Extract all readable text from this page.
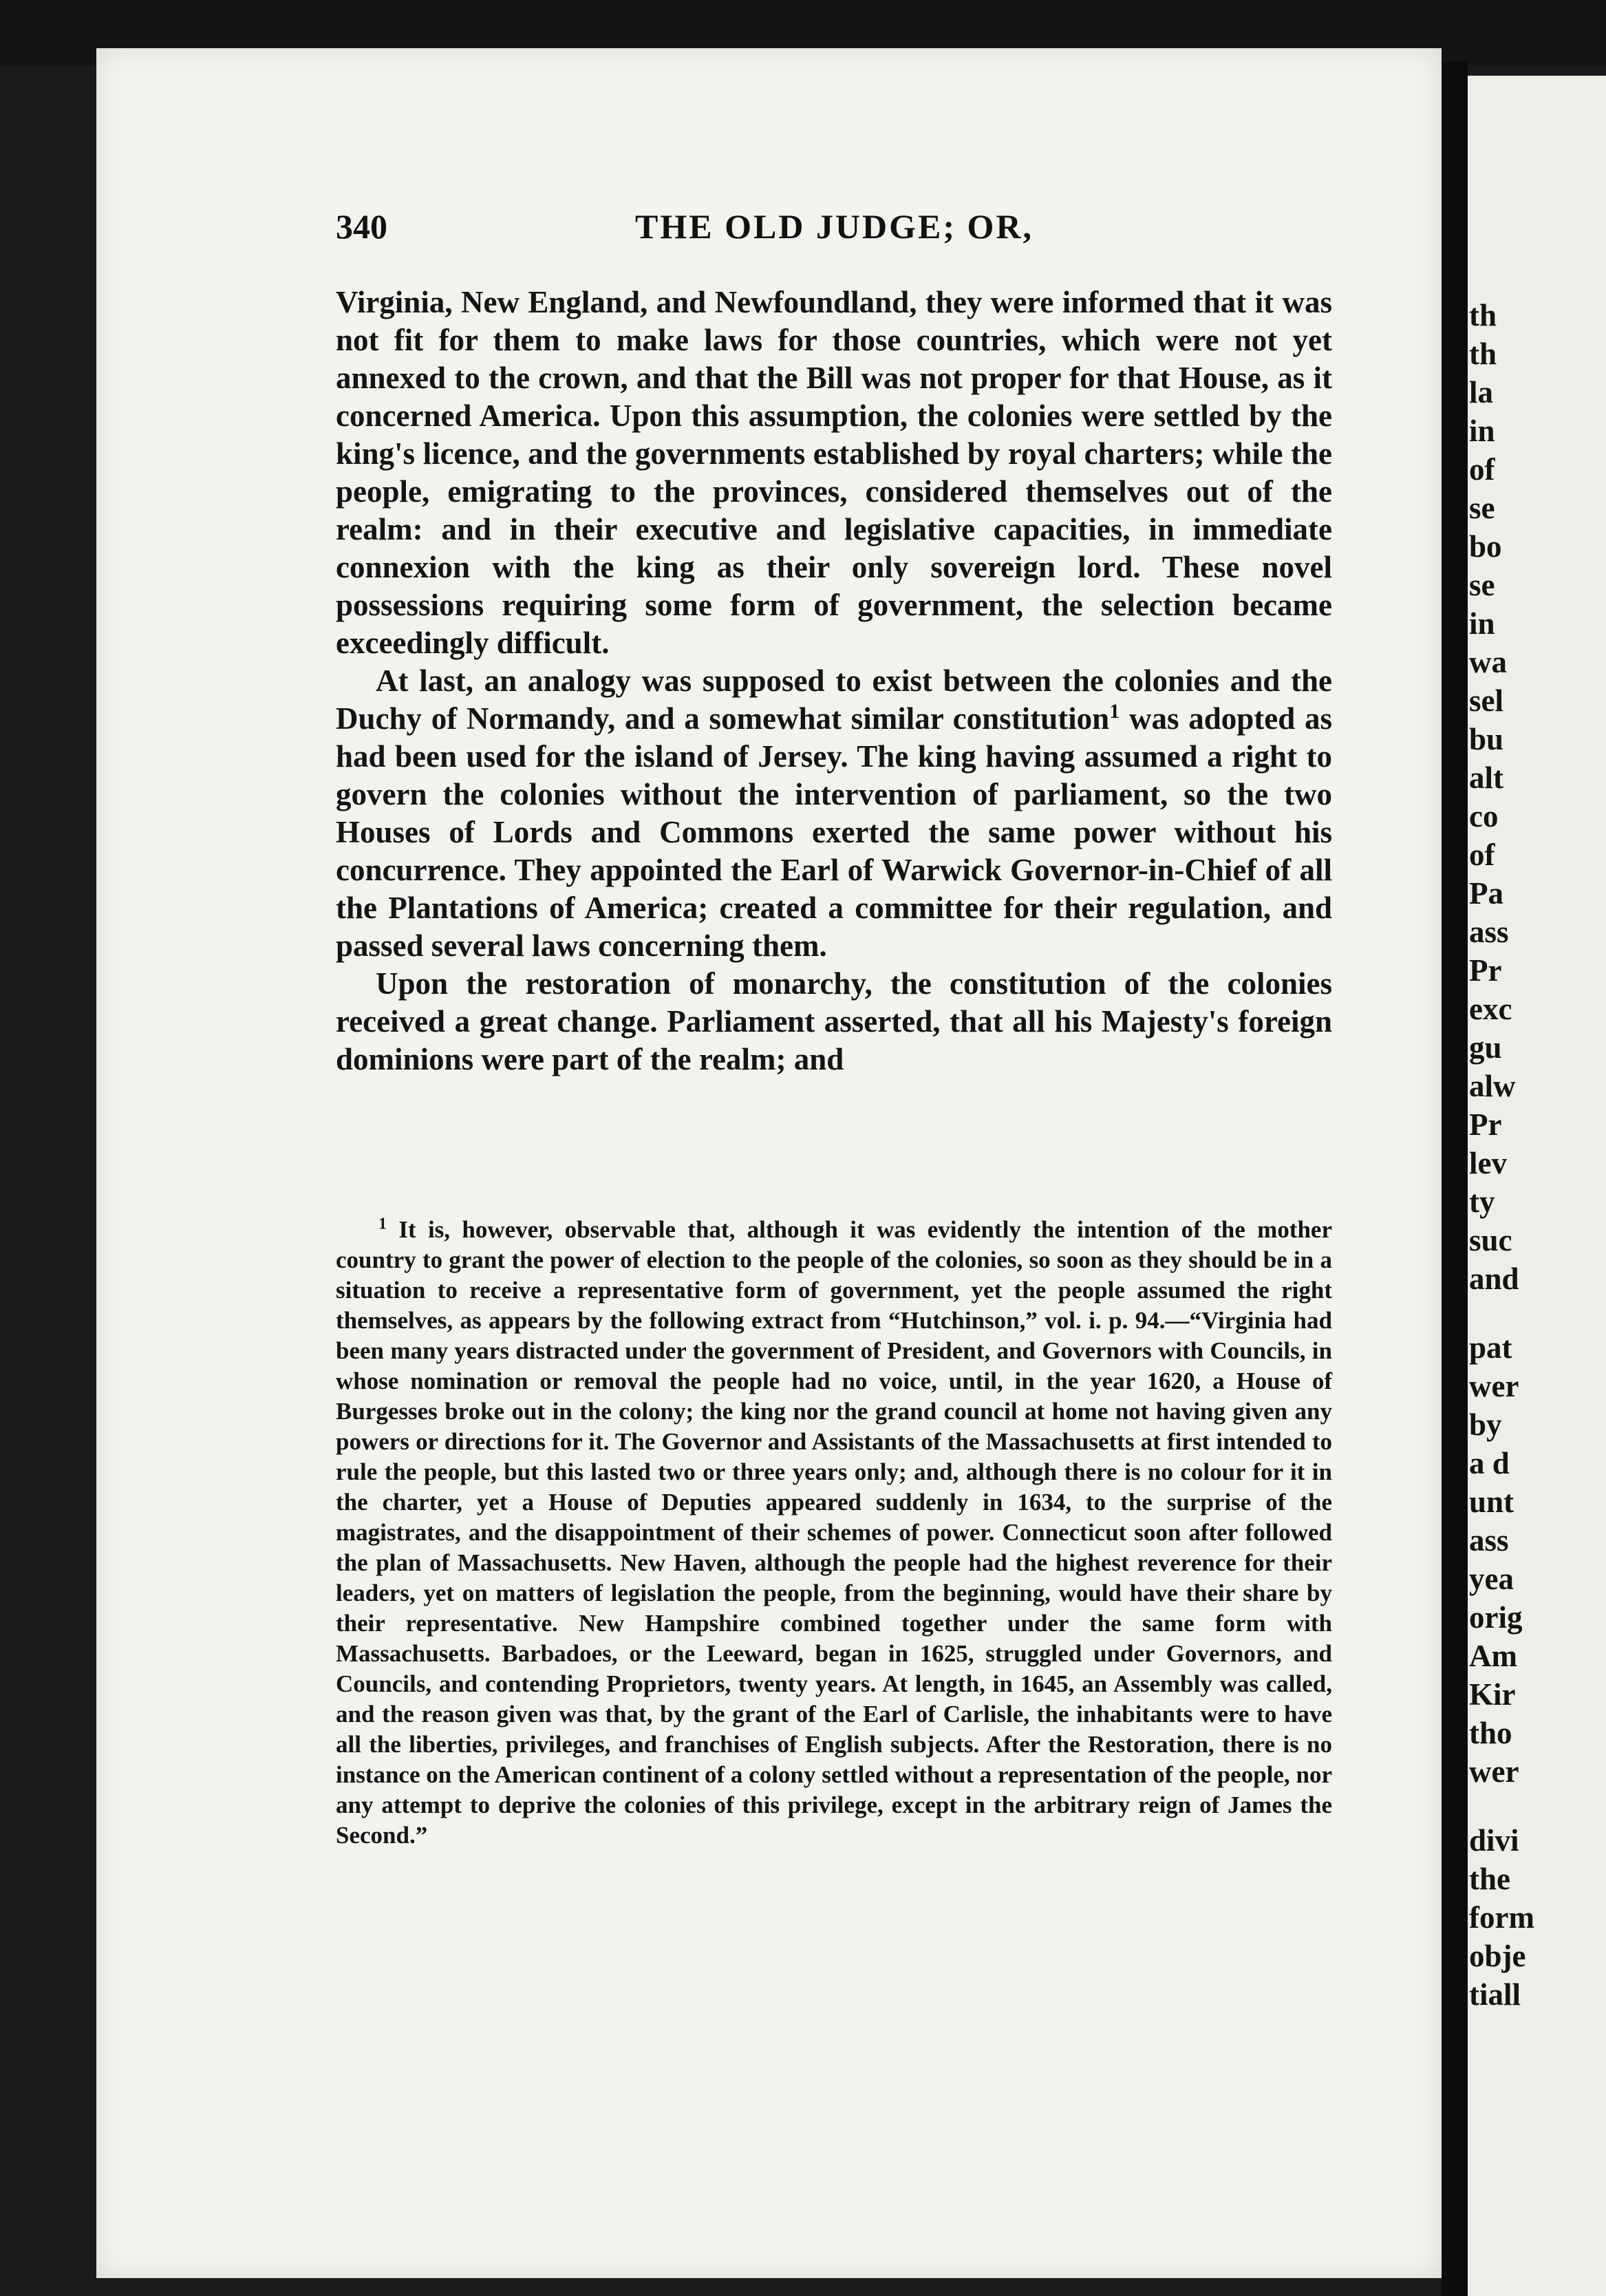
340	THE OLD JUDGE; OR,

Virginia, New England, and Newfoundland, they were informed that it was not fit for them to make laws for those countries, which were not yet annexed to the crown, and that the Bill was not proper for that House, as it concerned America. Upon this assumption, the colonies were settled by the king's licence, and the governments established by royal charters; while the people, emigrating to the provinces, considered themselves out of the realm: and in their executive and legislative capacities, in immediate connexion with the king as their only sovereign lord. These novel possessions requiring some form of government, the selection became exceedingly difficult.

At last, an analogy was supposed to exist between the colonies and the Duchy of Normandy, and a somewhat similar constitution$^1$ was adopted as had been used for the island of Jersey. The king having assumed a right to govern the colonies without the intervention of parliament, so the two Houses of Lords and Commons exerted the same power without his concurrence. They appointed the Earl of Warwick Governor-in-Chief of all the Plantations of America; created a committee for their regulation, and passed several laws concerning them.

Upon the restoration of monarchy, the constitution of the colonies received a great change. Parliament asserted, that all his Majesty's foreign dominions were part of the realm; and

$^1$ It is, however, observable that, although it was evidently the intention of the mother country to grant the power of election to the people of the colonies, so soon as they should be in a situation to receive a representative form of government, yet the people assumed the right themselves, as appears by the following extract from “Hutchinson,” vol. i. p. 94.—“Virginia had been many years distracted under the government of President, and Governors with Councils, in whose nomination or removal the people had no voice, until, in the year 1620, a House of Burgesses broke out in the colony; the king nor the grand council at home not having given any powers or directions for it. The Governor and Assistants of the Massachusetts at first intended to rule the people, but this lasted two or three years only; and, although there is no colour for it in the charter, yet a House of Deputies appeared suddenly in 1634, to the surprise of the magistrates, and the disappointment of their schemes of power. Connecticut soon after followed the plan of Massachusetts. New Haven, although the people had the highest reverence for their leaders, yet on matters of legislation the people, from the beginning, would have their share by their representative. New Hampshire combined together under the same form with Massachusetts. Barbadoes, or the Leeward, began in 1625, struggled under Governors, and Councils, and contending Proprietors, twenty years. At length, in 1645, an Assembly was called, and the reason given was that, by the grant of the Earl of Carlisle, the inhabitants were to have all the liberties, privileges, and franchises of English subjects. After the Restoration, there is no instance on the American continent of a colony settled without a representation of the people, nor any attempt to deprive the colonies of this privilege, except in the arbitrary reign of James the Second.”

th
th
la
in
of
se
bo
se
in
wa
sel
bu
alt
co
of
Pa
ass
Pr
exc
gu
alw
Pr
lev
ty
suc
and
pat
wer
by
a d
unt
ass
yea
orig
Am
Kir
tho
wer
divi
the
form
obje
tiall
